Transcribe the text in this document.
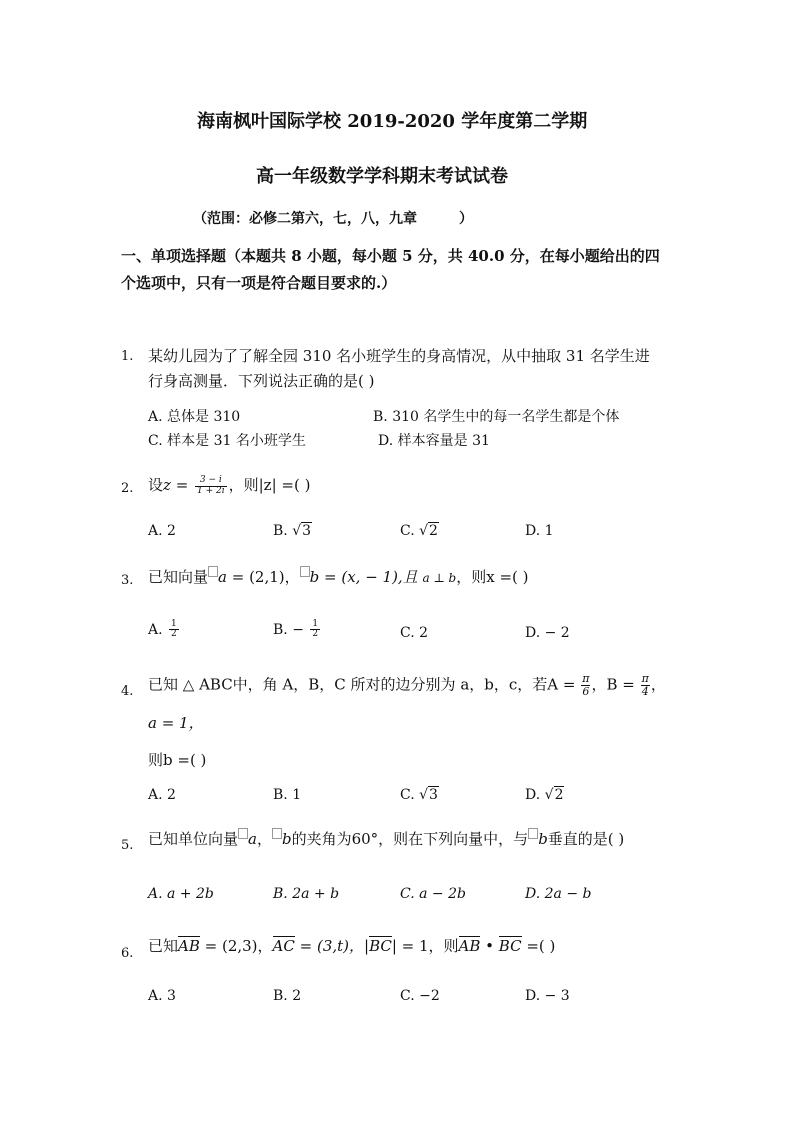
海南枫叶国际学校 2019-2020 学年度第二学期
高一年级数学学科期末考试试卷
（范围：必修二第六，七，八，九章　　　）
一、单项选择题（本题共 8 小题，每小题 5 分，共 40.0 分，在每小题给出的四
个选项中，只有一项是符合题目要求的.）
1. 某幼儿园为了了解全园 310 名小班学生的身高情况，从中抽取 31 名学生进
行身高测量．下列说法正确的是( )
A. 总体是 310	B. 310 名学生中的每一名学生都是个体
C. 样本是 31 名小班学生	D. 样本容量是 31
2. 设$z = \frac{3 - i}{1 + 2i}$ ，则|z| =( )
A. 2	B. √3	C. √2	D. 1
3. 已知向量 a = (2,1)， b = (x, − 1),且 a ⊥ b，则x =( )
A. $\frac{1}{2}$	B. − $\frac{1}{2}$	C. 2	D. − 2
4. 已知 △ ABC中，角 A，B，C 所对的边分别为 a，b，c，若$A = \frac{\pi}{6}$ ，$B = \frac{\pi}{4}$ ，
a = 1，
则b =( )
A. 2	B. 1	C. √3	D. √2
5. 已知单位向量 a， b的夹角为60°，则在下列向量中，与 b垂直的是( )
A. a + 2b	B. 2a + b	C. a − 2b	D. 2a − b
6. 已知AB = (2,3)，AC = (3,t)，|BC| = 1，则AB • BC =( )
A. 3	B. 2	C. −2	D. − 3
